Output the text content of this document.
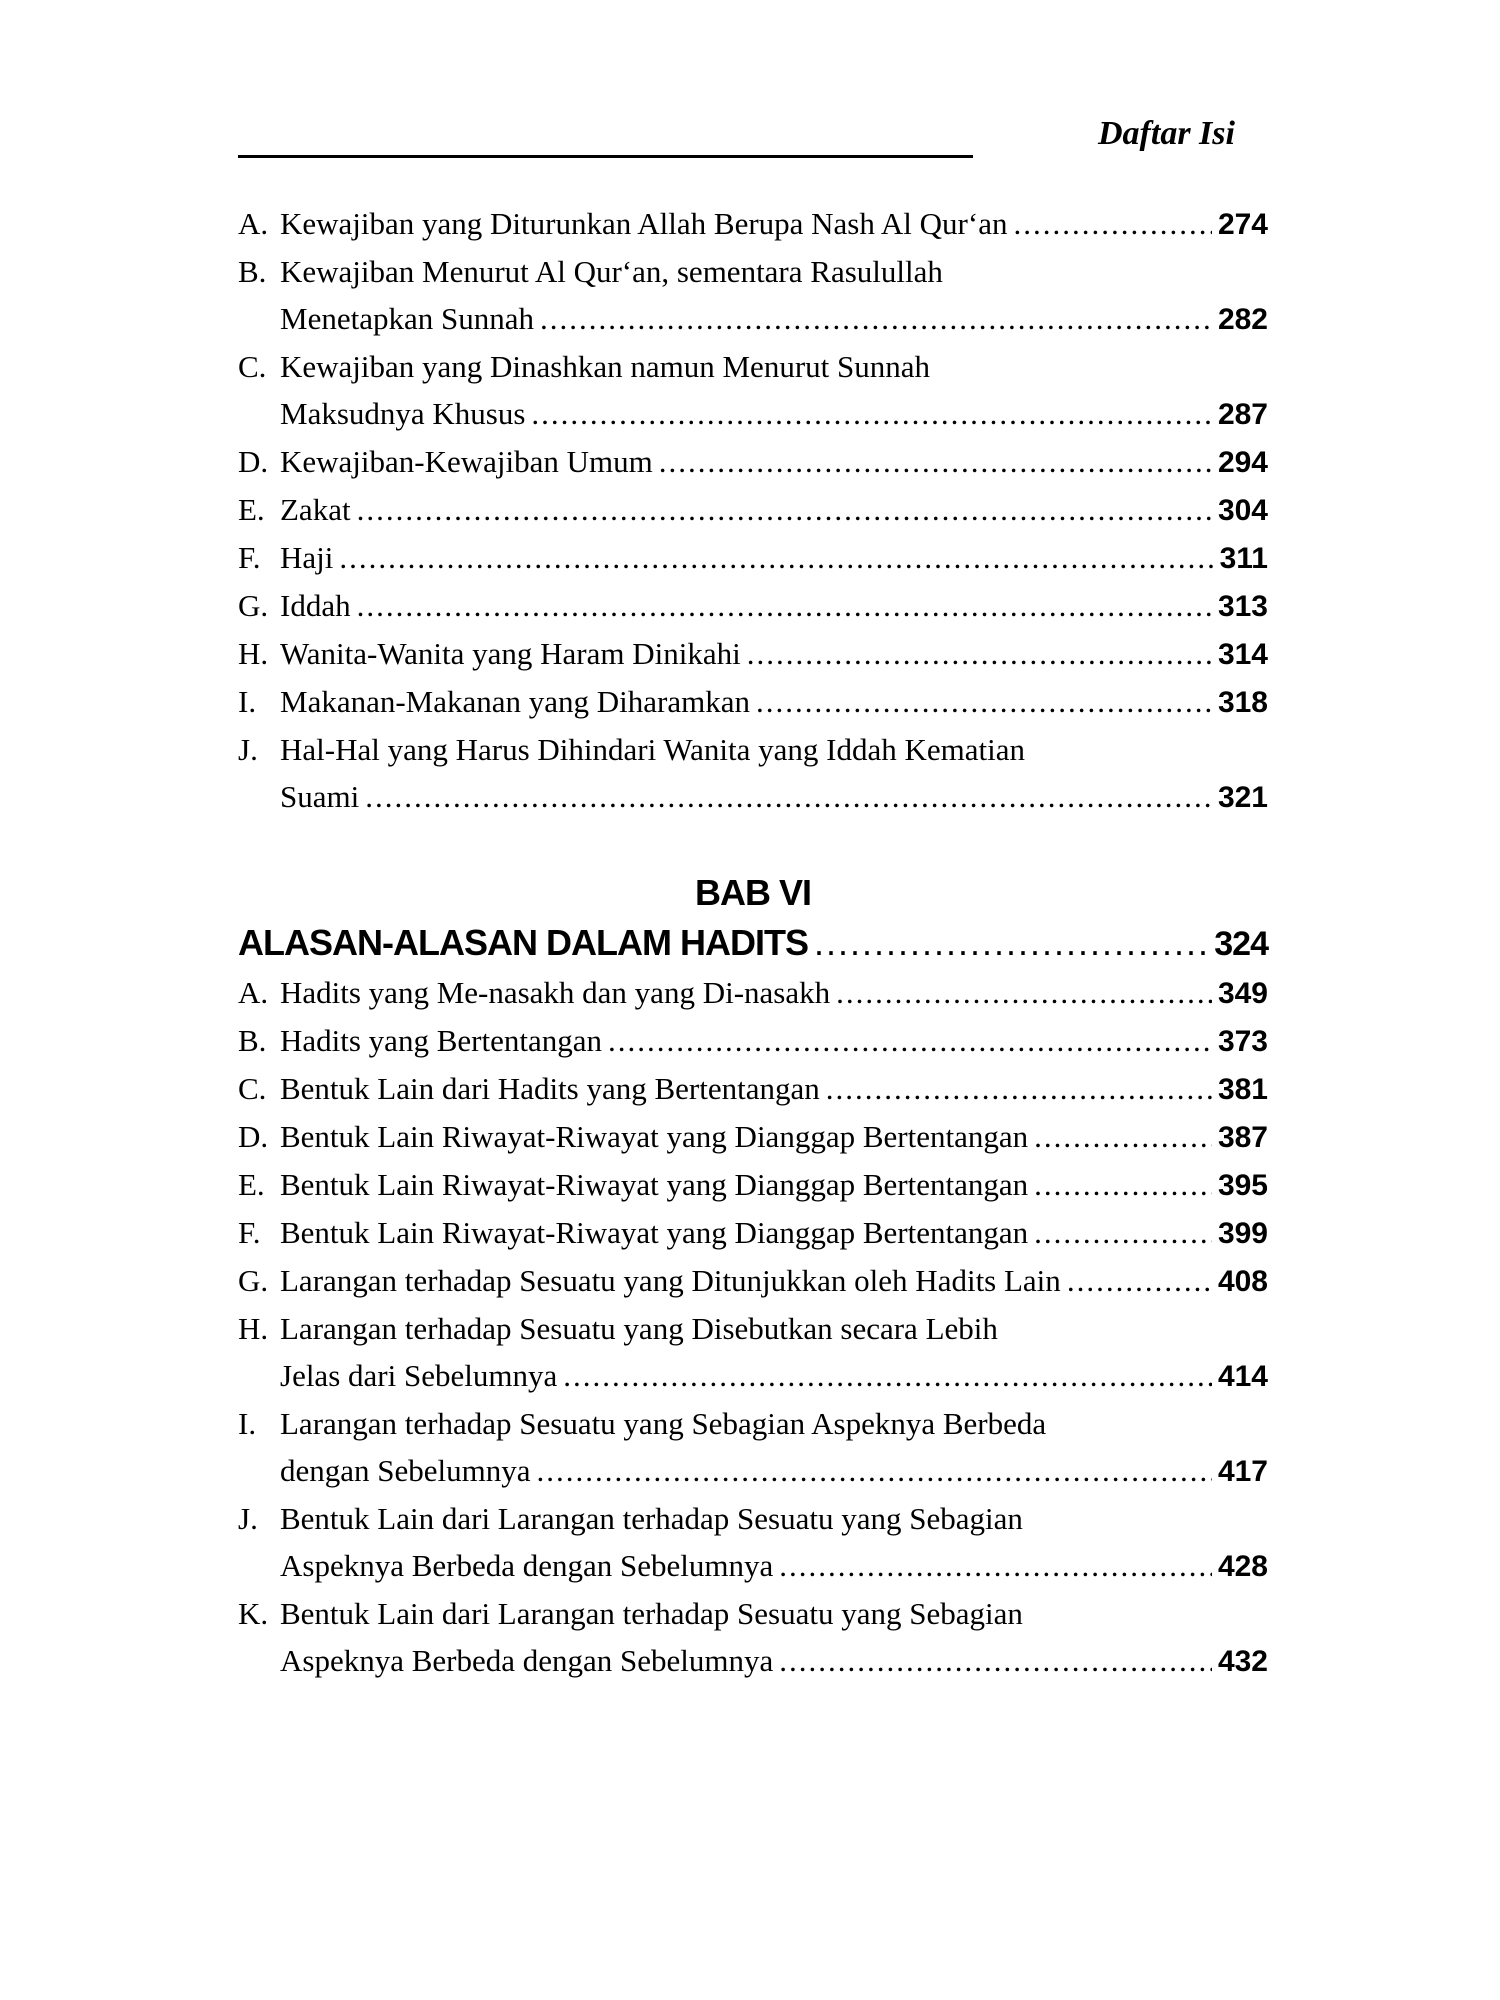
Daftar Isi
A. Kewajiban yang Diturunkan Allah Berupa Nash Al Qur‘an .....	274
B. Kewajiban Menurut Al Qur‘an, sementara Rasulullah
Menetapkan Sunnah .....	282
C. Kewajiban yang Dinashkan namun Menurut Sunnah
Maksudnya Khusus .....	287
D. Kewajiban-Kewajiban Umum .....	294
E. Zakat .....	304
F. Haji .....	311
G. Iddah .....	313
H. Wanita-Wanita yang Haram Dinikahi .....	314
I. Makanan-Makanan yang Diharamkan .....	318
J. Hal-Hal yang Harus Dihindari Wanita yang Iddah Kematian
Suami .....	321
BAB VI
ALASAN-ALASAN DALAM HADITS .....	324
A. Hadits yang Me-nasakh dan yang Di-nasakh .....	349
B. Hadits yang Bertentangan .....	373
C. Bentuk Lain dari Hadits yang Bertentangan .....	381
D. Bentuk Lain Riwayat-Riwayat yang Dianggap Bertentangan .....	387
E. Bentuk Lain Riwayat-Riwayat yang Dianggap Bertentangan .....	395
F. Bentuk Lain Riwayat-Riwayat yang Dianggap Bertentangan .....	399
G. Larangan terhadap Sesuatu yang Ditunjukkan oleh Hadits Lain .....	408
H. Larangan terhadap Sesuatu yang Disebutkan secara Lebih
Jelas dari Sebelumnya .....	414
I. Larangan terhadap Sesuatu yang Sebagian Aspeknya Berbeda
dengan Sebelumnya .....	417
J. Bentuk Lain dari Larangan terhadap Sesuatu yang Sebagian
Aspeknya Berbeda dengan Sebelumnya .....	428
K. Bentuk Lain dari Larangan terhadap Sesuatu yang Sebagian
Aspeknya Berbeda dengan Sebelumnya .....	432
